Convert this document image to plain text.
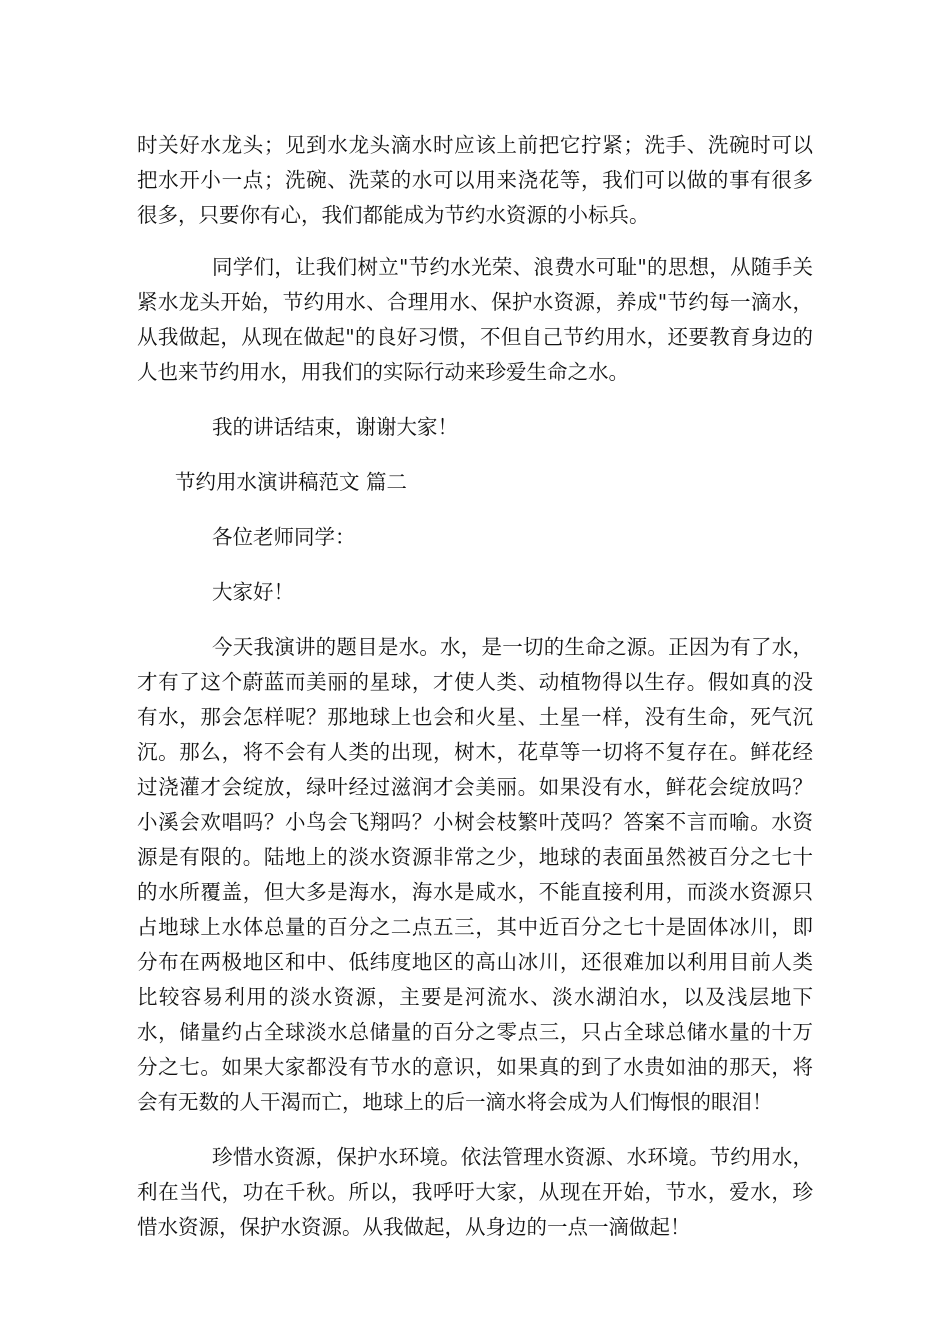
时关好水龙头；见到水龙头滴水时应该上前把它拧紧；洗手、洗碗时可以把水开小一点；洗碗、洗菜的水可以用来浇花等，我们可以做的事有很多很多，只要你有心，我们都能成为节约水资源的小标兵。

同学们，让我们树立"节约水光荣、浪费水可耻"的思想，从随手关紧水龙头开始，节约用水、合理用水、保护水资源，养成"节约每一滴水，从我做起，从现在做起"的良好习惯，不但自己节约用水，还要教育身边的人也来节约用水，用我们的实际行动来珍爱生命之水。

我的讲话结束，谢谢大家！

节约用水演讲稿范文 篇二

各位老师同学：

大家好！

今天我演讲的题目是水。水，是一切的生命之源。正因为有了水，才有了这个蔚蓝而美丽的星球，才使人类、动植物得以生存。假如真的没有水，那会怎样呢？那地球上也会和火星、土星一样，没有生命，死气沉沉。那么，将不会有人类的出现，树木，花草等一切将不复存在。鲜花经过浇灌才会绽放，绿叶经过滋润才会美丽。如果没有水，鲜花会绽放吗？小溪会欢唱吗？小鸟会飞翔吗？小树会枝繁叶茂吗？答案不言而喻。水资源是有限的。陆地上的淡水资源非常之少，地球的表面虽然被百分之七十的水所覆盖，但大多是海水，海水是咸水，不能直接利用，而淡水资源只占地球上水体总量的百分之二点五三，其中近百分之七十是固体冰川，即分布在两极地区和中、低纬度地区的高山冰川，还很难加以利用目前人类比较容易利用的淡水资源，主要是河流水、淡水湖泊水，以及浅层地下水，储量约占全球淡水总储量的百分之零点三，只占全球总储水量的十万分之七。如果大家都没有节水的意识，如果真的到了水贵如油的那天，将会有无数的人干渴而亡，地球上的后一滴水将会成为人们悔恨的眼泪！

珍惜水资源，保护水环境。依法管理水资源、水环境。节约用水，利在当代，功在千秋。所以，我呼吁大家，从现在开始，节水，爱水，珍惜水资源，保护水资源。从我做起，从身边的一点一滴做起！
